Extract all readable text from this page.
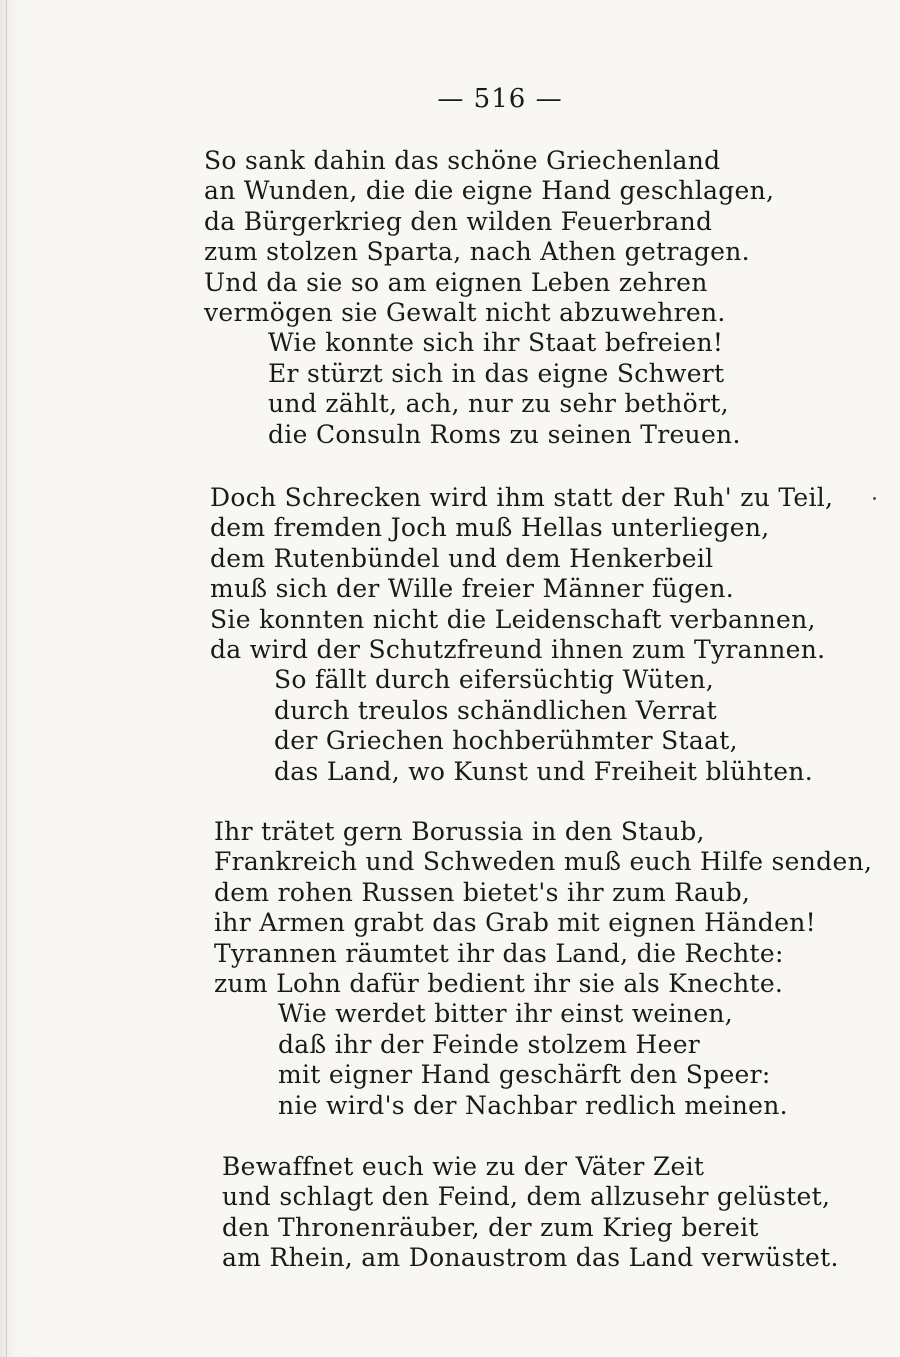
— 516 —
So sank dahin das schöne Griechenland
an Wunden, die die eigne Hand geschlagen,
da Bürgerkrieg den wilden Feuerbrand
zum stolzen Sparta, nach Athen getragen.
Und da sie so am eignen Leben zehren
vermögen sie Gewalt nicht abzuwehren.
Wie konnte sich ihr Staat befreien!
Er stürzt sich in das eigne Schwert
und zählt, ach, nur zu sehr bethört,
die Consuln Roms zu seinen Treuen.
Doch Schrecken wird ihm statt der Ruh' zu Teil,
dem fremden Joch muß Hellas unterliegen,
dem Rutenbündel und dem Henkerbeil
muß sich der Wille freier Männer fügen.
Sie konnten nicht die Leidenschaft verbannen,
da wird der Schutzfreund ihnen zum Tyrannen.
So fällt durch eifersüchtig Wüten,
durch treulos schändlichen Verrat
der Griechen hochberühmter Staat,
das Land, wo Kunst und Freiheit blühten.
Ihr trätet gern Borussia in den Staub,
Frankreich und Schweden muß euch Hilfe senden,
dem rohen Russen bietet's ihr zum Raub,
ihr Armen grabt das Grab mit eignen Händen!
Tyrannen räumtet ihr das Land, die Rechte:
zum Lohn dafür bedient ihr sie als Knechte.
Wie werdet bitter ihr einst weinen,
daß ihr der Feinde stolzem Heer
mit eigner Hand geschärft den Speer:
nie wird's der Nachbar redlich meinen.
Bewaffnet euch wie zu der Väter Zeit
und schlagt den Feind, dem allzusehr gelüstet,
den Thronenräuber, der zum Krieg bereit
am Rhein, am Donaustrom das Land verwüstet.
